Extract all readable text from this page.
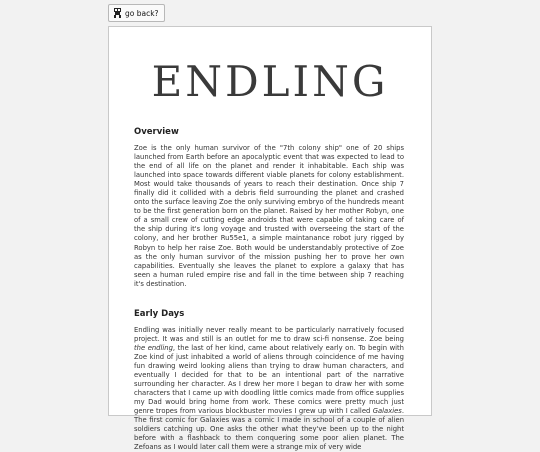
go back?
ENDLING
Overview

Zoe is the only human survivor of the "7th colony ship" one of 20 ships launched from Earth before an apocalyptic event that was expected to lead to the end of all life on the planet and render it inhabitable. Each ship was launched into space towards different viable planets for colony establishment. Most would take thousands of years to reach their destination. Once ship 7 finally did it collided with a debris field surrounding the planet and crashed onto the surface leaving Zoe the only surviving embryo of the hundreds meant to be the first generation born on the planet. Raised by her mother Robyn, one of a small crew of cutting edge androids that were capable of taking care of the ship during it's long voyage and trusted with overseeing the start of the colony, and her brother Ru55e1, a simple maintanance robot jury rigged by Robyn to help her raise Zoe. Both would be understandably protective of Zoe as the only human survivor of the mission pushing her to prove her own capabilities. Eventually she leaves the planet to explore a galaxy that has seen a human ruled empire rise and fall in the time between ship 7 reaching it's destination.

Early Days

Endling was initially never really meant to be particularly narratively focused project. It was and still is an outlet for me to draw sci-fi nonsense. Zoe being the endling, the last of her kind, came about relatively early on. To begin with Zoe kind of just inhabited a world of aliens through coincidence of me having fun drawing weird looking aliens than trying to draw human characters, and eventually I decided for that to be an intentional part of the narrative surrounding her character. As I drew her more I began to draw her with some characters that I came up with doodling little comics made from office supplies my Dad would bring home from work. These comics were pretty much just genre tropes from various blockbuster movies I grew up with I called Galaxies. The first comic for Galaxies was a comic I made in school of a couple of alien soldiers catching up. One asks the other what they've been up to the night before with a flashback to them conquering some poor alien planet. The Zefoans as I would later call them were a strange mix of very wide
